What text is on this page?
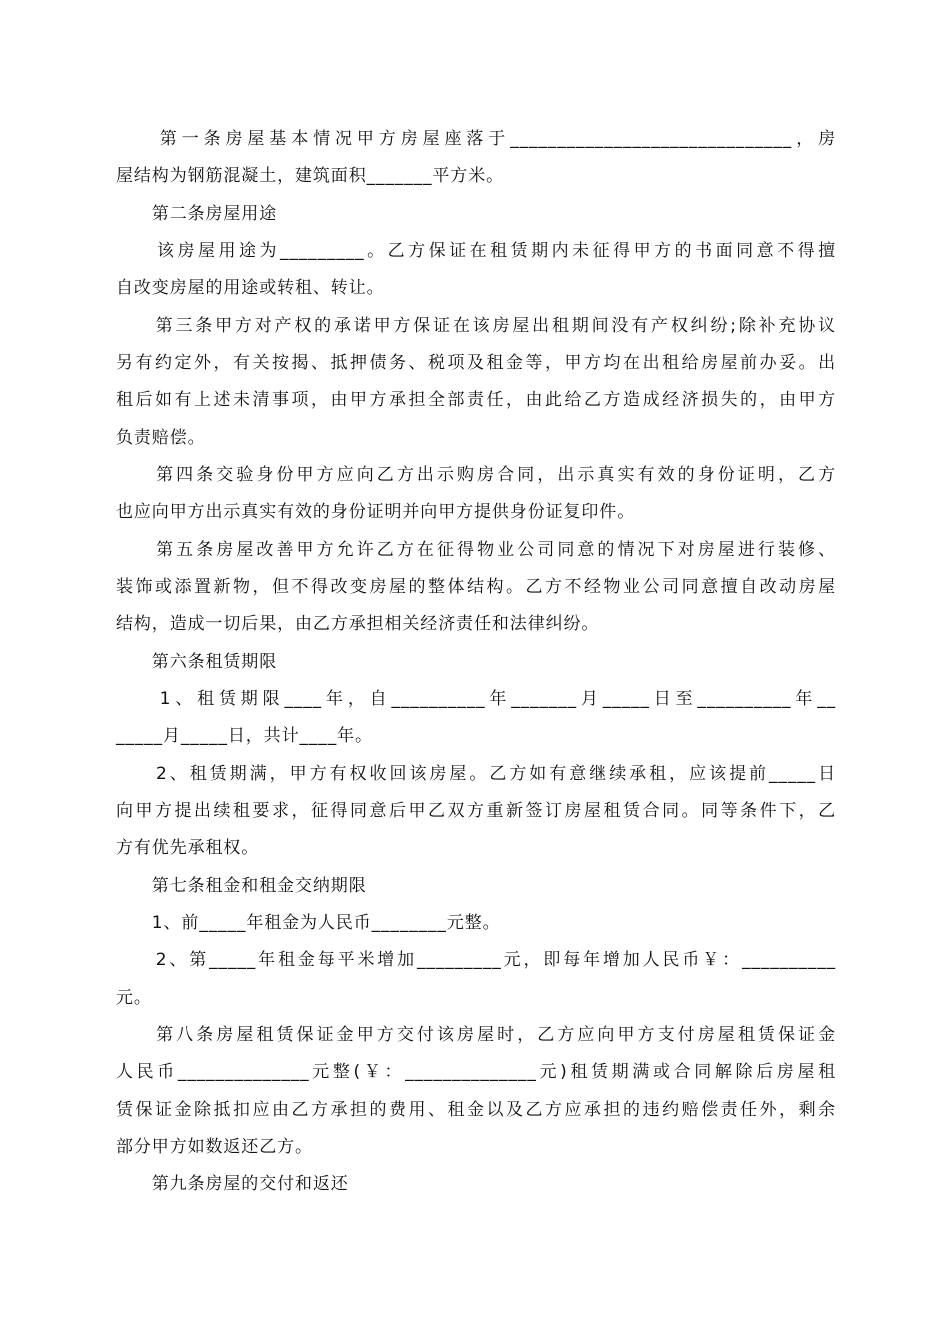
　　第一条房屋基本情况甲方房屋座落于______________________________，房
屋结构为钢筋混凝土，建筑面积_______平方米。
　　第二条房屋用途
　　该房屋用途为_________。乙方保证在租赁期内未征得甲方的书面同意不得擅
自改变房屋的用途或转租、转让。
　　第三条甲方对产权的承诺甲方保证在该房屋出租期间没有产权纠纷;除补充协议
另有约定外，有关按揭、抵押债务、税项及租金等，甲方均在出租给房屋前办妥。出
租后如有上述未清事项，由甲方承担全部责任，由此给乙方造成经济损失的，由甲方
负责赔偿。
　　第四条交验身份甲方应向乙方出示购房合同，出示真实有效的身份证明，乙方
也应向甲方出示真实有效的身份证明并向甲方提供身份证复印件。
　　第五条房屋改善甲方允许乙方在征得物业公司同意的情况下对房屋进行装修、
装饰或添置新物，但不得改变房屋的整体结构。乙方不经物业公司同意擅自改动房屋
结构，造成一切后果，由乙方承担相关经济责任和法律纠纷。
　　第六条租赁期限
　　1、租赁期限____年，自__________年_______月_____日至__________年__
_____月_____日，共计____年。
　　2、租赁期满，甲方有权收回该房屋。乙方如有意继续承租，应该提前_____日
向甲方提出续租要求，征得同意后甲乙双方重新签订房屋租赁合同。同等条件下，乙
方有优先承租权。
　　第七条租金和租金交纳期限
　　1、前_____年租金为人民币________元整。
　　2、第_____年租金每平米增加_________元，即每年增加人民币￥：__________
元。
　　第八条房屋租赁保证金甲方交付该房屋时，乙方应向甲方支付房屋租赁保证金
人民币______________元整(￥：______________元)租赁期满或合同解除后房屋租
赁保证金除抵扣应由乙方承担的费用、租金以及乙方应承担的违约赔偿责任外，剩余
部分甲方如数返还乙方。
　　第九条房屋的交付和返还
